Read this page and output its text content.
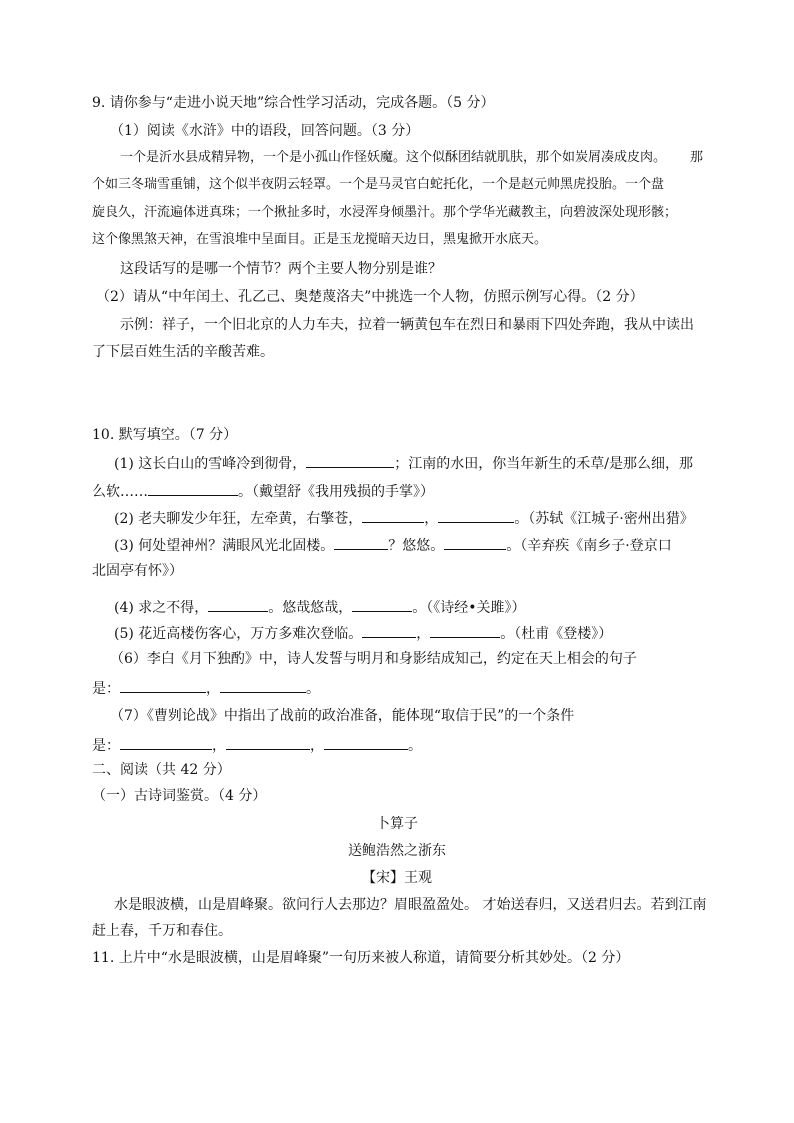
9. 请你参与“走进小说天地”综合性学习活动，完成各题。（5 分）
（1）阅读《水浒》中的语段，回答问题。（3 分）
一个是沂水县成精异物，一个是小孤山作怪妖魔。这个似酥团结就肌肤，那个如炭屑凑成皮肉。 那
个如三冬瑞雪重铺，这个似半夜阴云轻罩。一个是马灵官白蛇托化，一个是赵元帅黑虎投胎。一个盘
旋良久，汗流遍体迸真珠；一个揪扯多时，水浸浑身倾墨汁。那个学华光藏教主，向碧波深处现形骸；
这个像黑煞天神，在雪浪堆中呈面目。正是玉龙搅暗天边日，黑鬼掀开水底天。
这段话写的是哪一个情节？两个主要人物分别是谁？
（2）请从“中年闰土、孔乙己、奥楚蔑洛夫”中挑选一个人物，仿照示例写心得。（2 分）
示例：祥子，一个旧北京的人力车夫，拉着一辆黄包车在烈日和暴雨下四处奔跑，我从中读出
了下层百姓生活的辛酸苦难。
10. 默写填空。（7 分）
(1) 这长白山的雪峰冷到彻骨，	；江南的水田，你当年新生的禾草/是那么细，那
么软……	。（戴望舒《我用残损的手掌》）
(2) 老夫聊发少年狂，左牵黄，右擎苍，	，	。（苏轼《江城子·密州出猎》
(3) 何处望神州？满眼风光北固楼。	？悠悠。	。（辛弃疾《南乡子·登京口
北固亭有怀》）
(4) 求之不得，	。悠哉悠哉，	。（《诗经•关雎》）
(5) 花近高楼伤客心，万方多难次登临。	，	。（杜甫《登楼》）
（6）李白《月下独酌》中，诗人发誓与明月和身影结成知己，约定在天上相会的句子
是：	，	。
（7）《曹刿论战》中指出了战前的政治准备，能体现“取信于民”的一个条件
是：	，	，	。
二、阅读（共 42 分）
（一）古诗词鉴赏。（4 分）
卜算子
送鲍浩然之浙东
【宋】王观
水是眼波横，山是眉峰聚。欲问行人去那边？眉眼盈盈处。 才始送春归，又送君归去。若到江南
赶上春，千万和春住。
11. 上片中“水是眼波横，山是眉峰聚”一句历来被人称道，请简要分析其妙处。（2 分）
